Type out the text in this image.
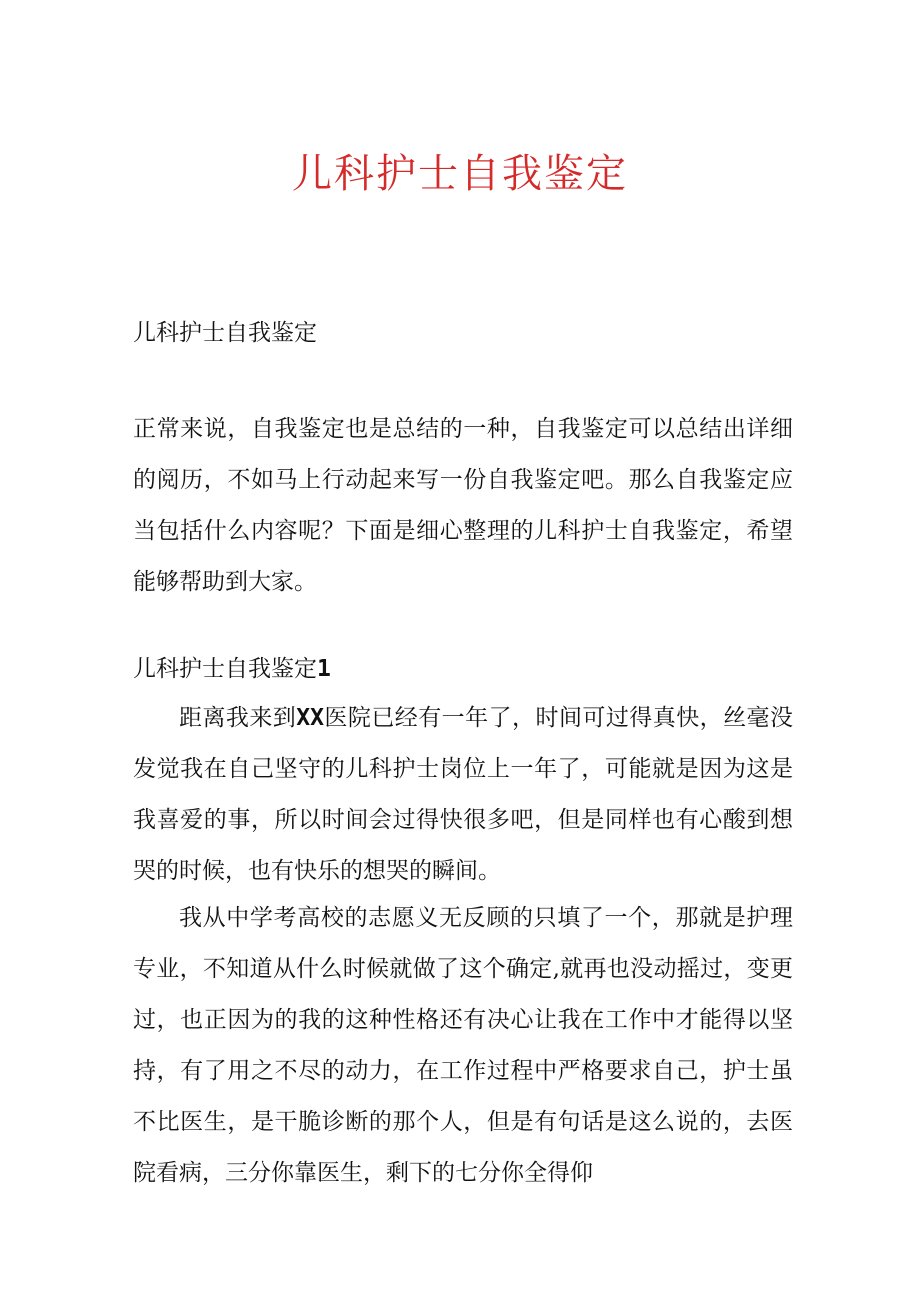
儿科护士自我鉴定
儿科护士自我鉴定

正常来说，自我鉴定也是总结的一种，自我鉴定可以总结出详细的阅历，不如马上行动起来写一份自我鉴定吧。那么自我鉴定应当包括什么内容呢？下面是细心整理的儿科护士自我鉴定，希望能够帮助到大家。

儿科护士自我鉴定1

距离我来到XX医院已经有一年了，时间可过得真快，丝毫没发觉我在自己坚守的儿科护士岗位上一年了，可能就是因为这是我喜爱的事，所以时间会过得快很多吧，但是同样也有心酸到想哭的时候，也有快乐的想哭的瞬间。

我从中学考高校的志愿义无反顾的只填了一个，那就是护理专业，不知道从什么时候就做了这个确定,就再也没动摇过，变更过，也正因为的我的这种性格还有决心让我在工作中才能得以坚持，有了用之不尽的动力，在工作过程中严格要求自己，护士虽不比医生，是干脆诊断的那个人，但是有句话是这么说的，去医院看病，三分你靠医生，剩下的七分你全得仰
